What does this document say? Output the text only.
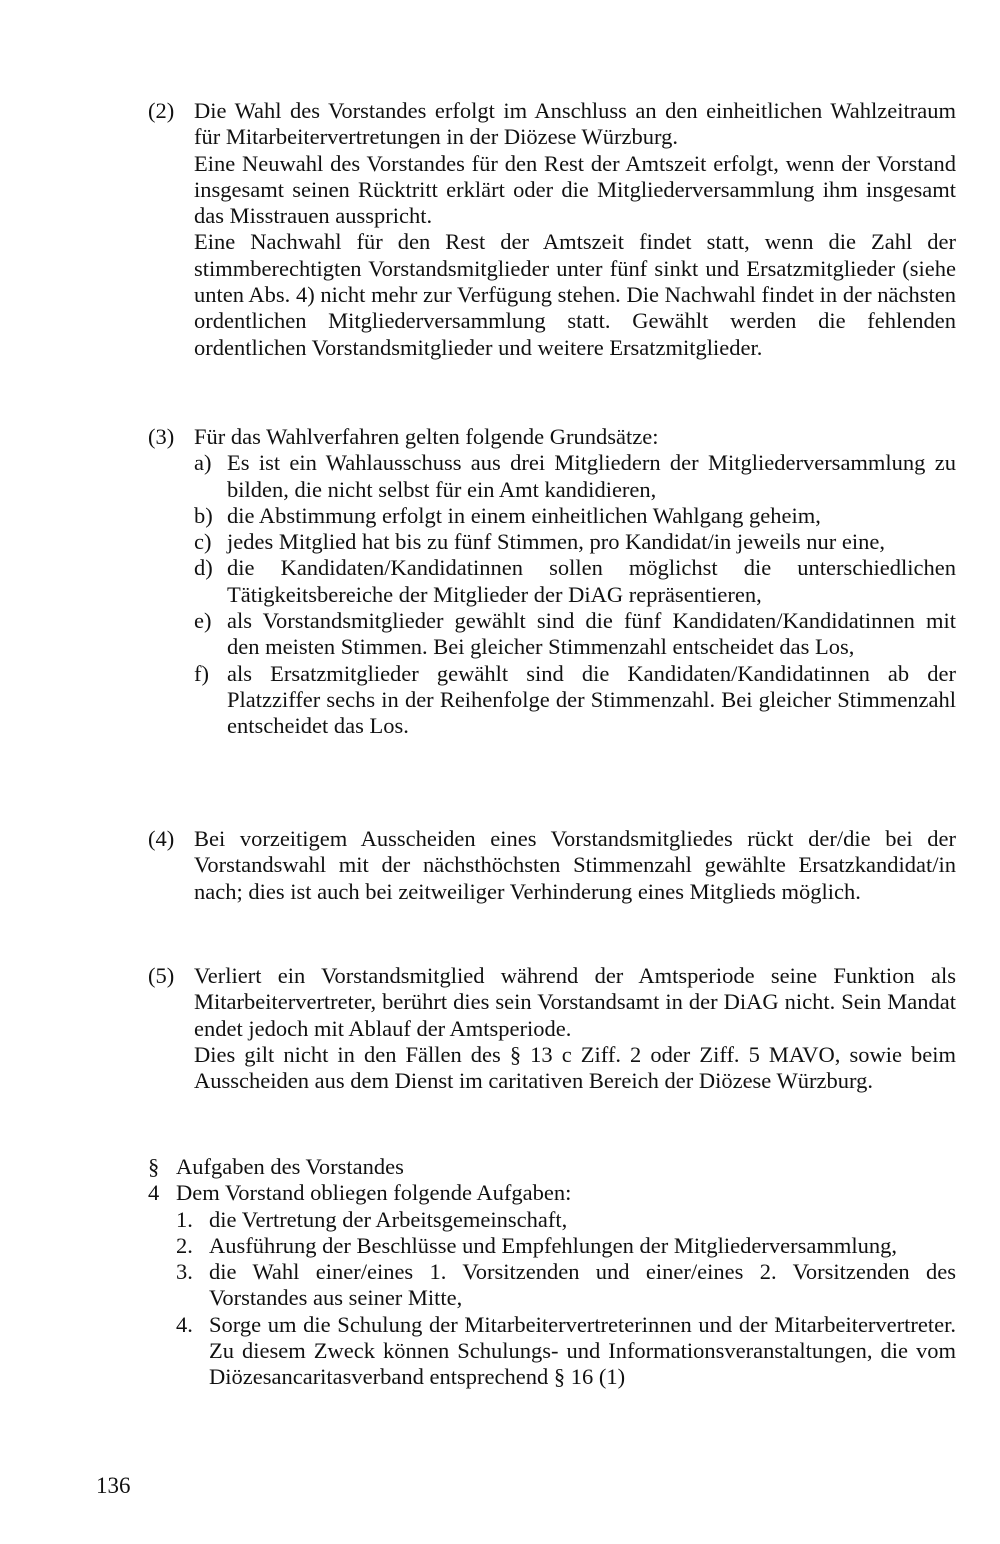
(2) Die Wahl des Vorstandes erfolgt im Anschluss an den einheitlichen Wahlzeitraum für Mitarbeitervertretungen in der Diözese Würzburg.

Eine Neuwahl des Vorstandes für den Rest der Amtszeit erfolgt, wenn der Vorstand insgesamt seinen Rücktritt erklärt oder die Mitgliederversammlung ihm insgesamt das Misstrauen ausspricht.

Eine Nachwahl für den Rest der Amtszeit findet statt, wenn die Zahl der stimmberechtigten Vorstandsmitglieder unter fünf sinkt und Ersatzmitglieder (siehe unten Abs. 4) nicht mehr zur Verfügung stehen. Die Nachwahl findet in der nächsten ordentlichen Mitgliederversammlung statt. Gewählt werden die fehlenden ordentlichen Vorstandsmitglieder und weitere Ersatzmitglieder.

(3) Für das Wahlverfahren gelten folgende Grundsätze:

a) Es ist ein Wahlausschuss aus drei Mitgliedern der Mitgliederversammlung zu bilden, die nicht selbst für ein Amt kandidieren,
b) die Abstimmung erfolgt in einem einheitlichen Wahlgang geheim,
c) jedes Mitglied hat bis zu fünf Stimmen, pro Kandidat/in jeweils nur eine,
d) die Kandidaten/Kandidatinnen sollen möglichst die unterschiedlichen Tätigkeitsbereiche der Mitglieder der DiAG repräsentieren,
e) als Vorstandsmitglieder gewählt sind die fünf Kandidaten/Kandidatinnen mit den meisten Stimmen. Bei gleicher Stimmenzahl entscheidet das Los,
f) als Ersatzmitglieder gewählt sind die Kandidaten/Kandidatinnen ab der Platzziffer sechs in der Reihenfolge der Stimmenzahl. Bei gleicher Stimmenzahl entscheidet das Los.
(4) Bei vorzeitigem Ausscheiden eines Vorstandsmitgliedes rückt der/die bei der Vorstandswahl mit der nächsthöchsten Stimmenzahl gewählte Ersatzkandidat/in nach; dies ist auch bei zeitweiliger Verhinderung eines Mitglieds möglich.

(5) Verliert ein Vorstandsmitglied während der Amtsperiode seine Funktion als Mitarbeitervertreter, berührt dies sein Vorstandsamt in der DiAG nicht. Sein Mandat endet jedoch mit Ablauf der Amtsperiode.

Dies gilt nicht in den Fällen des § 13 c Ziff. 2 oder Ziff. 5 MAVO, sowie beim Ausscheiden aus dem Dienst im caritativen Bereich der Diözese Würzburg.

§ 4

Aufgaben des Vorstandes

Dem Vorstand obliegen folgende Aufgaben:

1. die Vertretung der Arbeitsgemeinschaft,
2. Ausführung der Beschlüsse und Empfehlungen der Mitgliederversammlung,
3. die Wahl einer/eines 1. Vorsitzenden und einer/eines 2. Vorsitzenden des Vorstandes aus seiner Mitte,
4. Sorge um die Schulung der Mitarbeitervertreterinnen und der Mitarbeitervertreter. Zu diesem Zweck können Schulungs- und Informationsveranstaltungen, die vom Diözesancaritasverband entsprechend § 16 (1)
136
